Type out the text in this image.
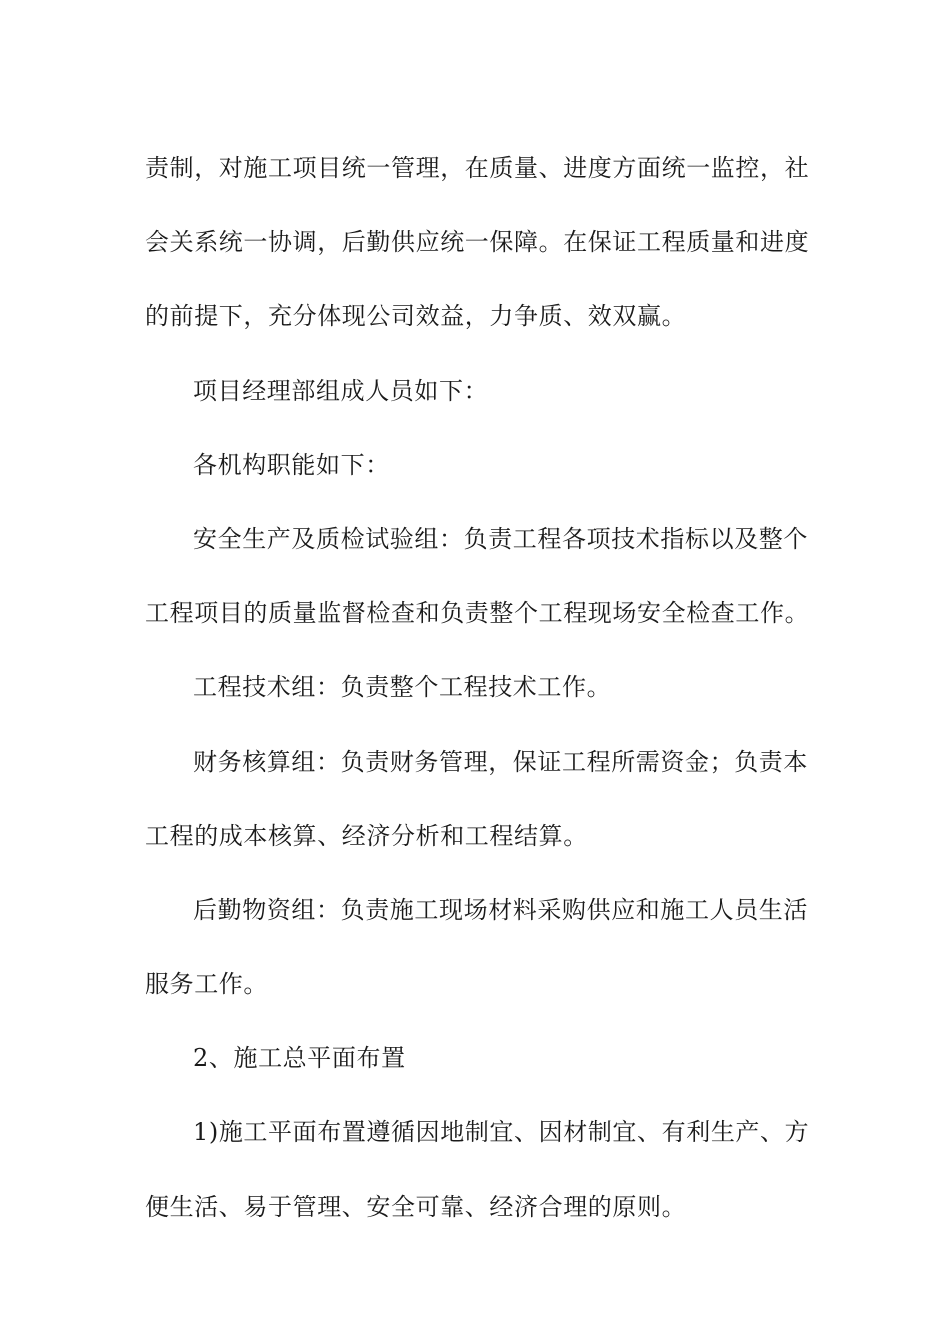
责制，对施工项目统一管理，在质量、进度方面统一监控，社
会关系统一协调，后勤供应统一保障。在保证工程质量和进度
的前提下，充分体现公司效益，力争质、效双赢。
项目经理部组成人员如下：
各机构职能如下：
安全生产及质检试验组：负责工程各项技术指标以及整个
工程项目的质量监督检查和负责整个工程现场安全检查工作。
工程技术组：负责整个工程技术工作。
财务核算组：负责财务管理，保证工程所需资金；负责本
工程的成本核算、经济分析和工程结算。
后勤物资组：负责施工现场材料采购供应和施工人员生活
服务工作。
2、施工总平面布置
1)施工平面布置遵循因地制宜、因材制宜、有利生产、方
便生活、易于管理、安全可靠、经济合理的原则。
